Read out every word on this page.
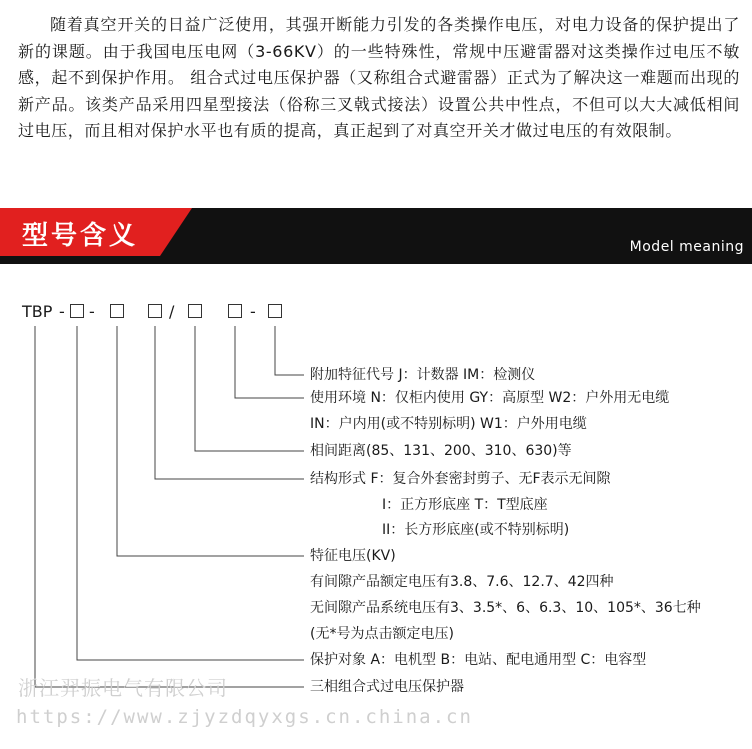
随着真空开关的日益广泛使用，其强开断能力引发的各类操作电压，对电力设备的保护提出了新的课题。由于我国电压电网（3-66KV）的一些特殊性，常规中压避雷器对这类操作过电压不敏感，起不到保护作用。 组合式过电压保护器（又称组合式避雷器）正式为了解决这一难题而出现的新产品。该类产品采用四星型接法（俗称三叉戟式接法）设置公共中性点，不但可以大大减低相间过电压，而且相对保护水平也有质的提高，真正起到了对真空开关才做过电压的有效限制。

型号含义	Model meaning
TBP - -	/	-
附加特征代号 J：计数器 IM：检测仪
使用环境 N：仅柜内使用 GY：高原型 W2：户外用无电缆
IN：户内用(或不特别标明) W1：户外用电缆
相间距离(85、131、200、310、630)等
结构形式 F：复合外套密封剪子、无F表示无间隙
I：正方形底座 T：T型底座
II：长方形底座(或不特别标明)
特征电压(KV)
有间隙产品额定电压有3.8、7.6、12.7、42四种
无间隙产品系统电压有3、3.5*、6、6.3、10、105*、36七种
(无*号为点击额定电压)
保护对象 A：电机型 B：电站、配电通用型 C：电容型
三相组合式过电压保护器
浙江羿振电气有限公司
https://www.zjyzdqyxgs.cn.china.cn
